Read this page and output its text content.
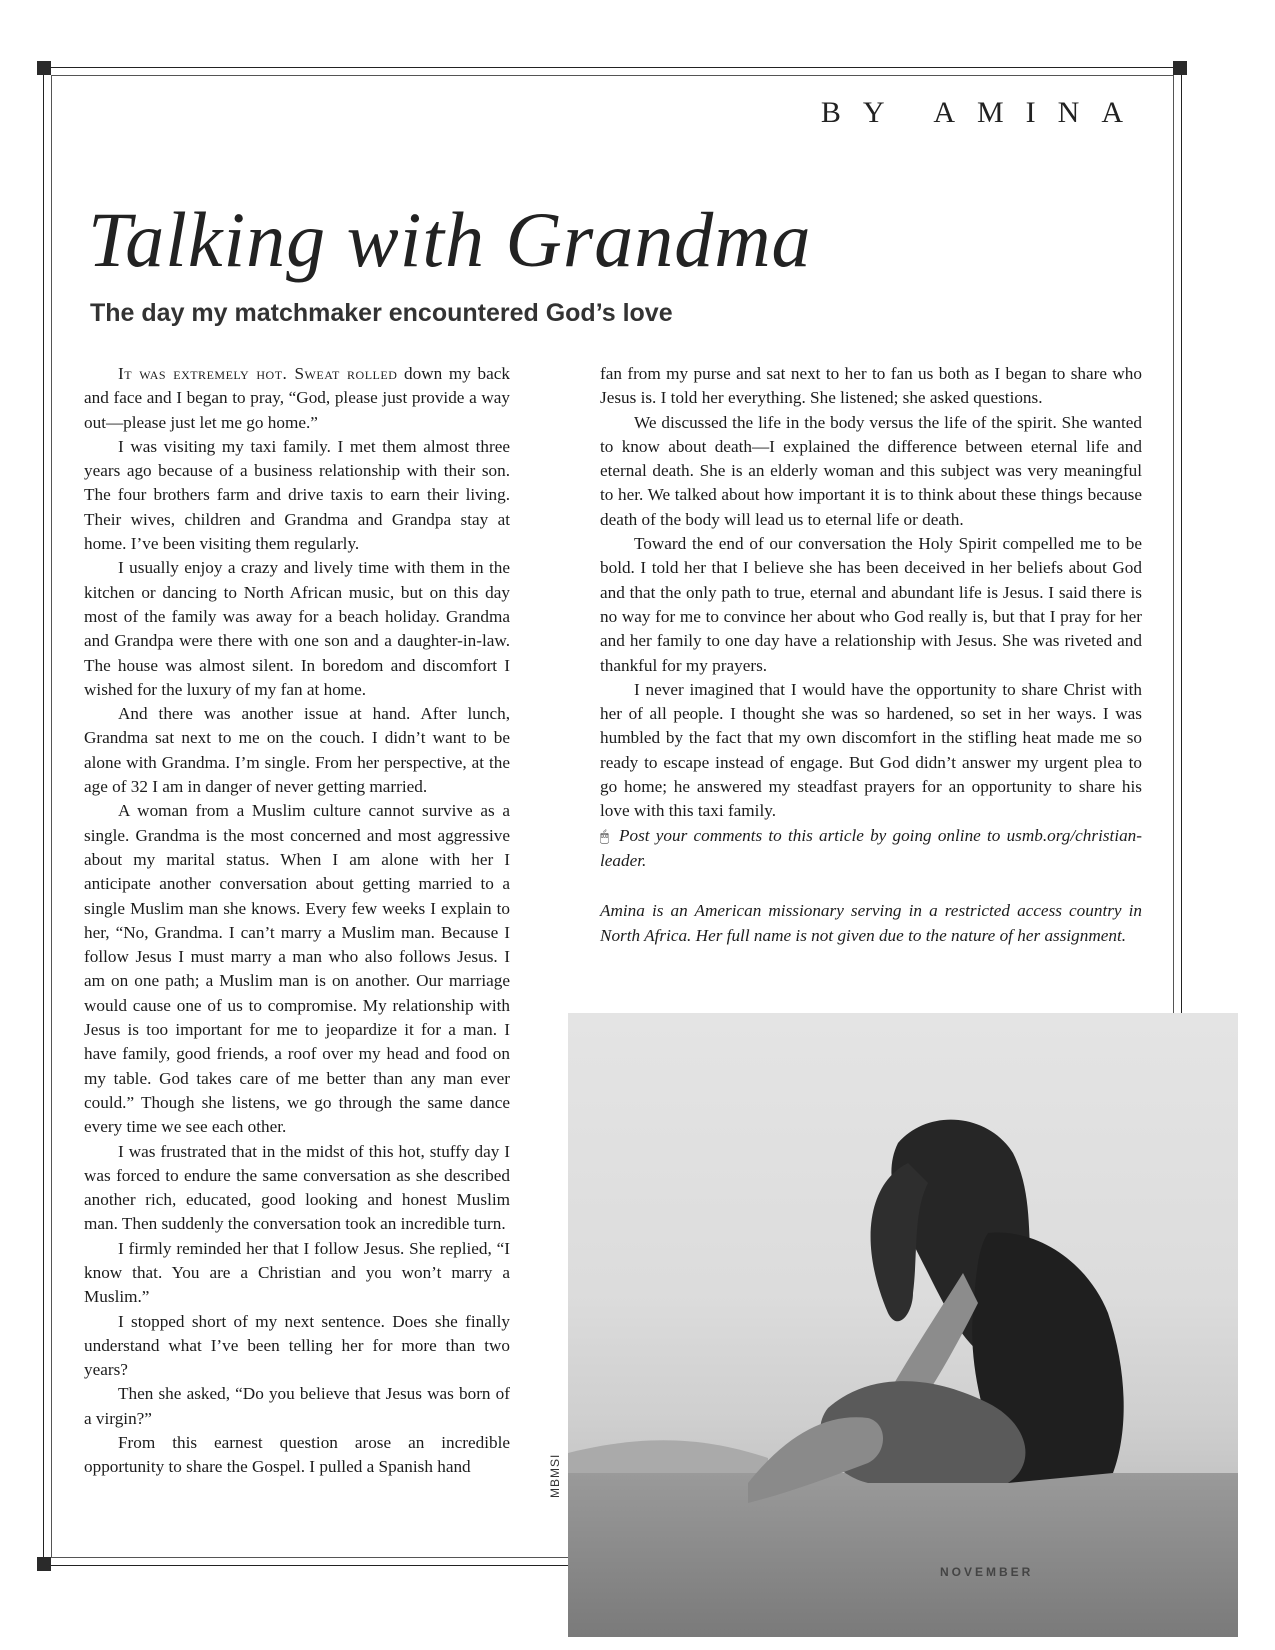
BY AMINA
Talking with Grandma
The day my matchmaker encountered God’s love

It was extremely hot. Sweat rolled down my back and face and I began to pray, “God, please just provide a way out—please just let me go home.”

I was visiting my taxi family. I met them almost three years ago because of a business relationship with their son. The four brothers farm and drive taxis to earn their living. Their wives, children and Grandma and Grandpa stay at home. I’ve been visiting them regularly.

I usually enjoy a crazy and lively time with them in the kitchen or dancing to North African music, but on this day most of the family was away for a beach holiday. Grandma and Grandpa were there with one son and a daughter-in-law. The house was almost silent. In boredom and discomfort I wished for the luxury of my fan at home.

And there was another issue at hand. After lunch, Grandma sat next to me on the couch. I didn’t want to be alone with Grandma. I’m single. From her perspective, at the age of 32 I am in danger of never getting married.

A woman from a Muslim culture cannot survive as a single. Grandma is the most concerned and most aggressive about my marital status. When I am alone with her I anticipate another conversation about getting married to a single Muslim man she knows. Every few weeks I explain to her, “No, Grandma. I can’t marry a Muslim man. Because I follow Jesus I must marry a man who also follows Jesus. I am on one path; a Muslim man is on another. Our marriage would cause one of us to compromise. My relationship with Jesus is too important for me to jeopardize it for a man. I have family, good friends, a roof over my head and food on my table. God takes care of me better than any man ever could.” Though she listens, we go through the same dance every time we see each other.

I was frustrated that in the midst of this hot, stuffy day I was forced to endure the same conversation as she described another rich, educated, good looking and honest Muslim man. Then suddenly the conversation took an incredible turn.

I firmly reminded her that I follow Jesus. She replied, “I know that. You are a Christian and you won’t marry a Muslim.”

I stopped short of my next sentence. Does she finally understand what I’ve been telling her for more than two years?

Then she asked, “Do you believe that Jesus was born of a virgin?”

From this earnest question arose an incredible opportunity to share the Gospel. I pulled a Spanish hand

fan from my purse and sat next to her to fan us both as I began to share who Jesus is. I told her everything. She listened; she asked questions.

We discussed the life in the body versus the life of the spirit. She wanted to know about death—I explained the difference between eternal life and eternal death. She is an elderly woman and this subject was very meaningful to her. We talked about how important it is to think about these things because death of the body will lead us to eternal life or death.

Toward the end of our conversation the Holy Spirit compelled me to be bold. I told her that I believe she has been deceived in her beliefs about God and that the only path to true, eternal and abundant life is Jesus. I said there is no way for me to convince her about who God really is, but that I pray for her and her family to one day have a relationship with Jesus. She was riveted and thankful for my prayers.

I never imagined that I would have the opportunity to share Christ with her of all people. I thought she was so hardened, so set in her ways. I was humbled by the fact that my own discomfort in the stifling heat made me so ready to escape instead of engage. But God didn’t answer my urgent plea to go home; he answered my steadfast prayers for an opportunity to share his love with this taxi family.

🖱 Post your comments to this article by going online to usmb.org/christian-leader.

Amina is an American missionary serving in a restricted access country in North Africa. Her full name is not given due to the nature of her assignment.

MBMSI
NOVEMBER
